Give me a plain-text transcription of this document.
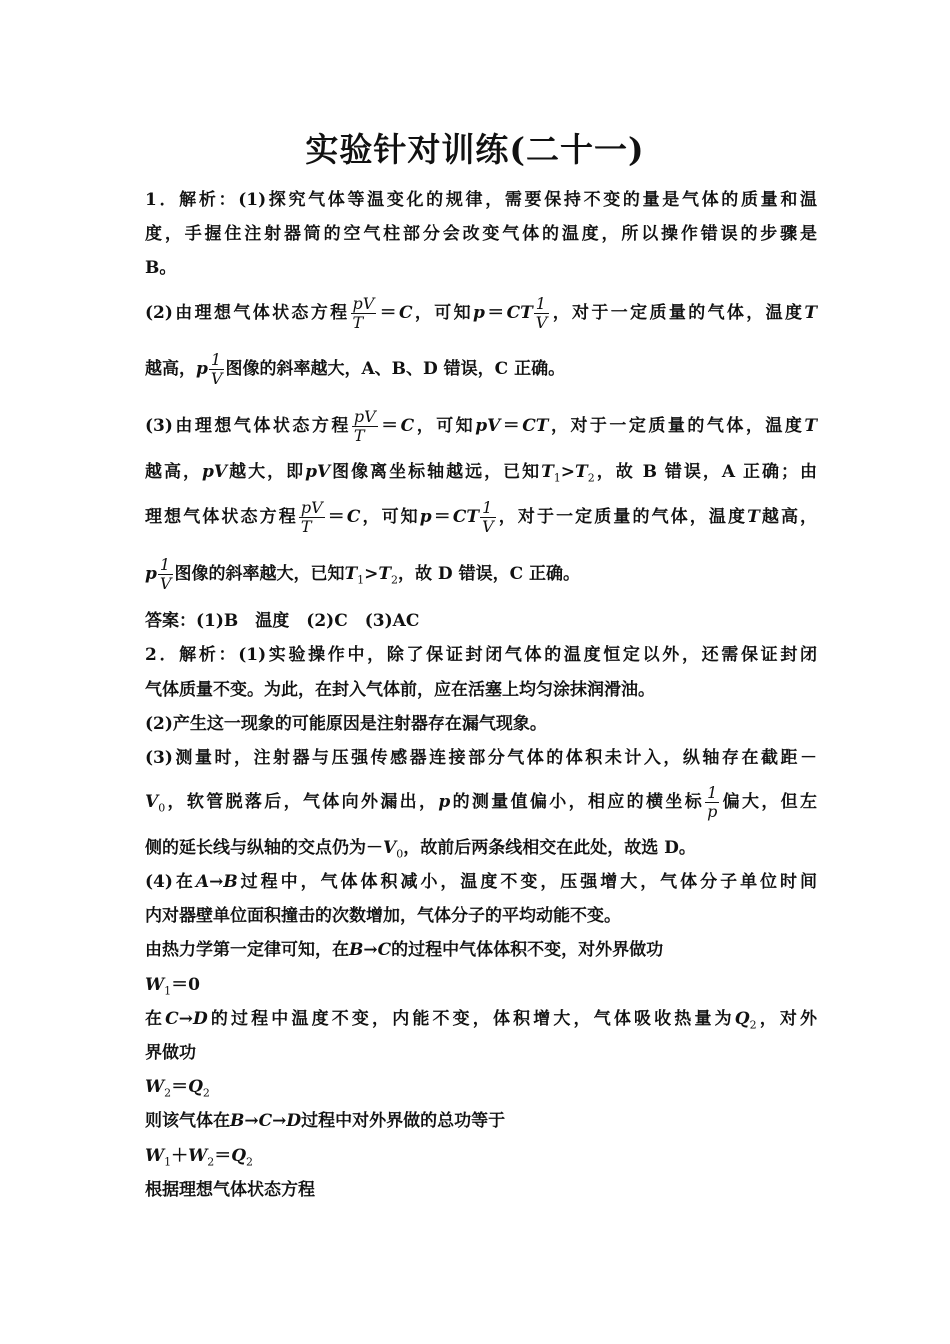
实验针对训练(二十一)
1．解析：(1)探究气体等温变化的规律，需要保持不变的量是气体的质量和温
度，手握住注射器筒的空气柱部分会改变气体的温度，所以操作错误的步骤是
B。
(2)由理想气体状态方程 $\frac{pV}{T} =C$，可知$p=CT \frac{1}{V}$ ，对于一定质量的气体，温度T
越高，p $\frac{1}{V}$ 图像的斜率越大，A、B、D 错误，C 正确。
(3)由理想气体状态方程 $\frac{pV}{T} =C$，可知pV＝CT，对于一定质量的气体，温度T
越高，pV越大，即pV图像离坐标轴越远，已知$T_1>T_2$，故 B 错误，A 正确；由
理想气体状态方程 $\frac{pV}{T} =C$，可知$p=CT \frac{1}{V}$ ，对于一定质量的气体，温度T越高，
p $\frac{1}{V}$ 图像的斜率越大，已知$T_1>T_2$，故 D 错误，C 正确。
答案：(1)B　温度　(2)C　(3)AC
2．解析：(1)实验操作中，除了保证封闭气体的温度恒定以外，还需保证封闭
气体质量不变。为此，在封入气体前，应在活塞上均匀涂抹润滑油。
(2)产生这一现象的可能原因是注射器存在漏气现象。
(3)测量时，注射器与压强传感器连接部分气体的体积未计入，纵轴存在截距－
$V_0$，软管脱落后，气体向外漏出，p的测量值偏小，相应的横坐标 $\frac{1}{p}$ 偏大，但左
侧的延长线与纵轴的交点仍为$-V_0$，故前后两条线相交在此处，故选 D。
(4)在A→B过程中，气体体积减小，温度不变，压强增大，气体分子单位时间
内对器壁单位面积撞击的次数增加，气体分子的平均动能不变。
由热力学第一定律可知，在B→C的过程中气体体积不变，对外界做功
$W_1=0$
在C→D的过程中温度不变，内能不变，体积增大，气体吸收热量为$Q_2$，对外
界做功
$W_2=Q_2$
则该气体在B→C→D过程中对外界做的总功等于
$W_1+W_2=Q_2$
根据理想气体状态方程
